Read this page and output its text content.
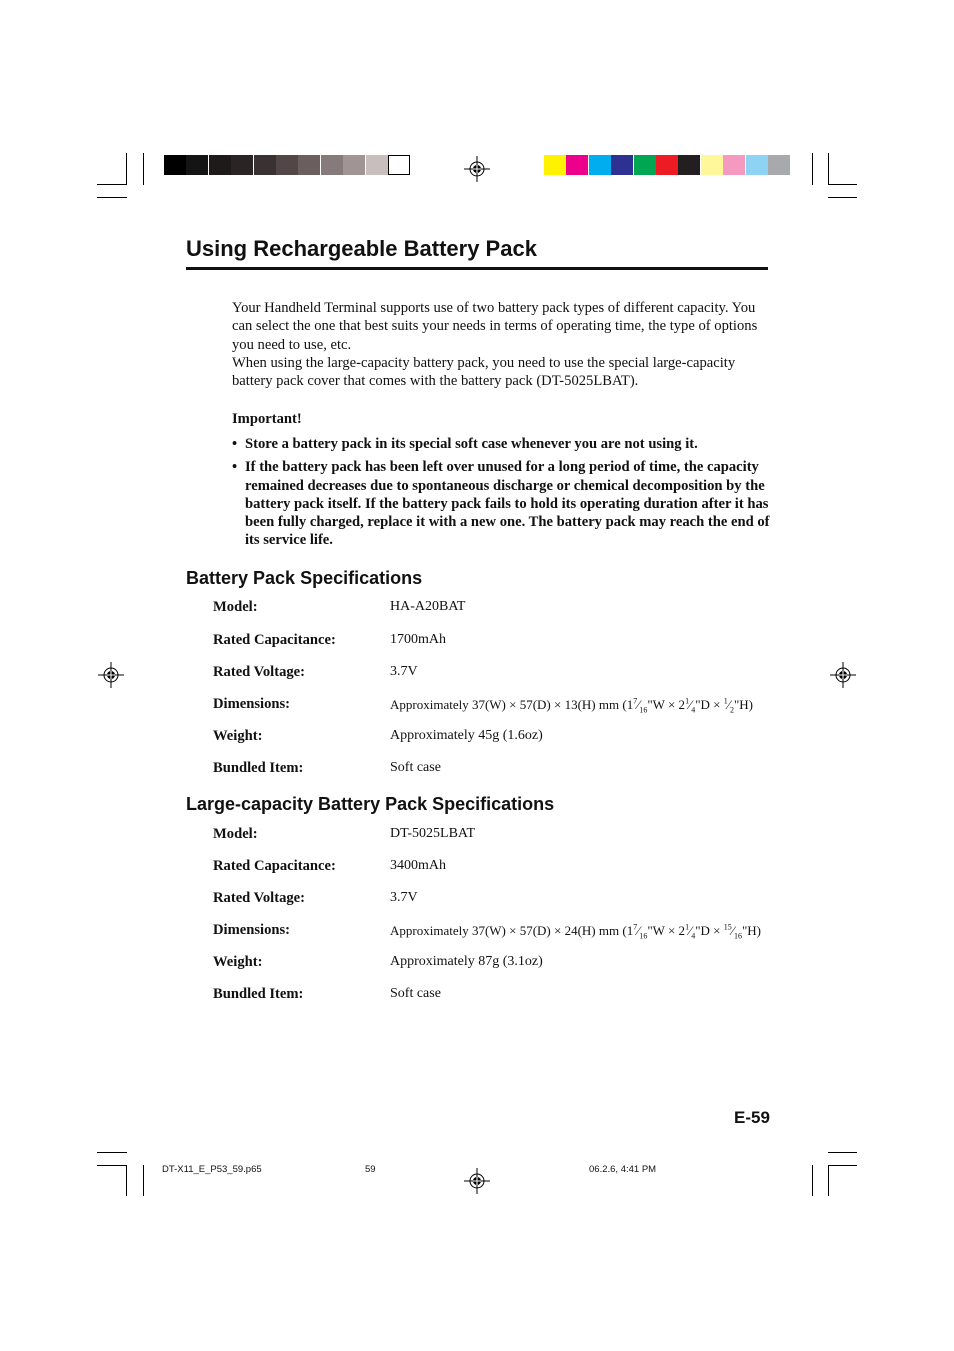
Using Rechargeable Battery Pack

Your Handheld Terminal supports use of two battery pack types of different capacity. You can select the one that best suits your needs in terms of operating time, the type of options you need to use, etc.

When using the large-capacity battery pack, you need to use the special large-capacity battery pack cover that comes with the battery pack (DT-5025LBAT).

Important!
• Store a battery pack in its special soft case whenever you are not using it.
• If the battery pack has been left over unused for a long period of time, the capacity remained decreases due to spontaneous discharge or chemical decomposition by the battery pack itself. If the battery pack fails to hold its operating duration after it has been fully charged, replace it with a new one. The battery pack may reach the end of its service life.
Battery Pack Specifications
Model:	HA-A20BAT
Rated Capacitance:	1700mAh
Rated Voltage:	3.7V
Dimensions:	Approximately 37(W) × 57(D) × 13(H) mm ($1^7⁄_{16}"W$ × $2^1⁄_4"D$ × $^1⁄_2"H$)
Weight:	Approximately 45g (1.6oz)
Bundled Item:	Soft case
Large-capacity Battery Pack Specifications
Model:	DT-5025LBAT
Rated Capacitance:	3400mAh
Rated Voltage:	3.7V
Dimensions:	Approximately 37(W) × 57(D) × 24(H) mm ($1^7⁄_{16}"W$ × $2^1⁄_4"D$ × $^{15}⁄_{16}"H$)
Weight:	Approximately 87g (3.1oz)
Bundled Item:	Soft case
E-59
DT-X11_E_P53_59.p65	59	06.2.6, 4:41 PM
